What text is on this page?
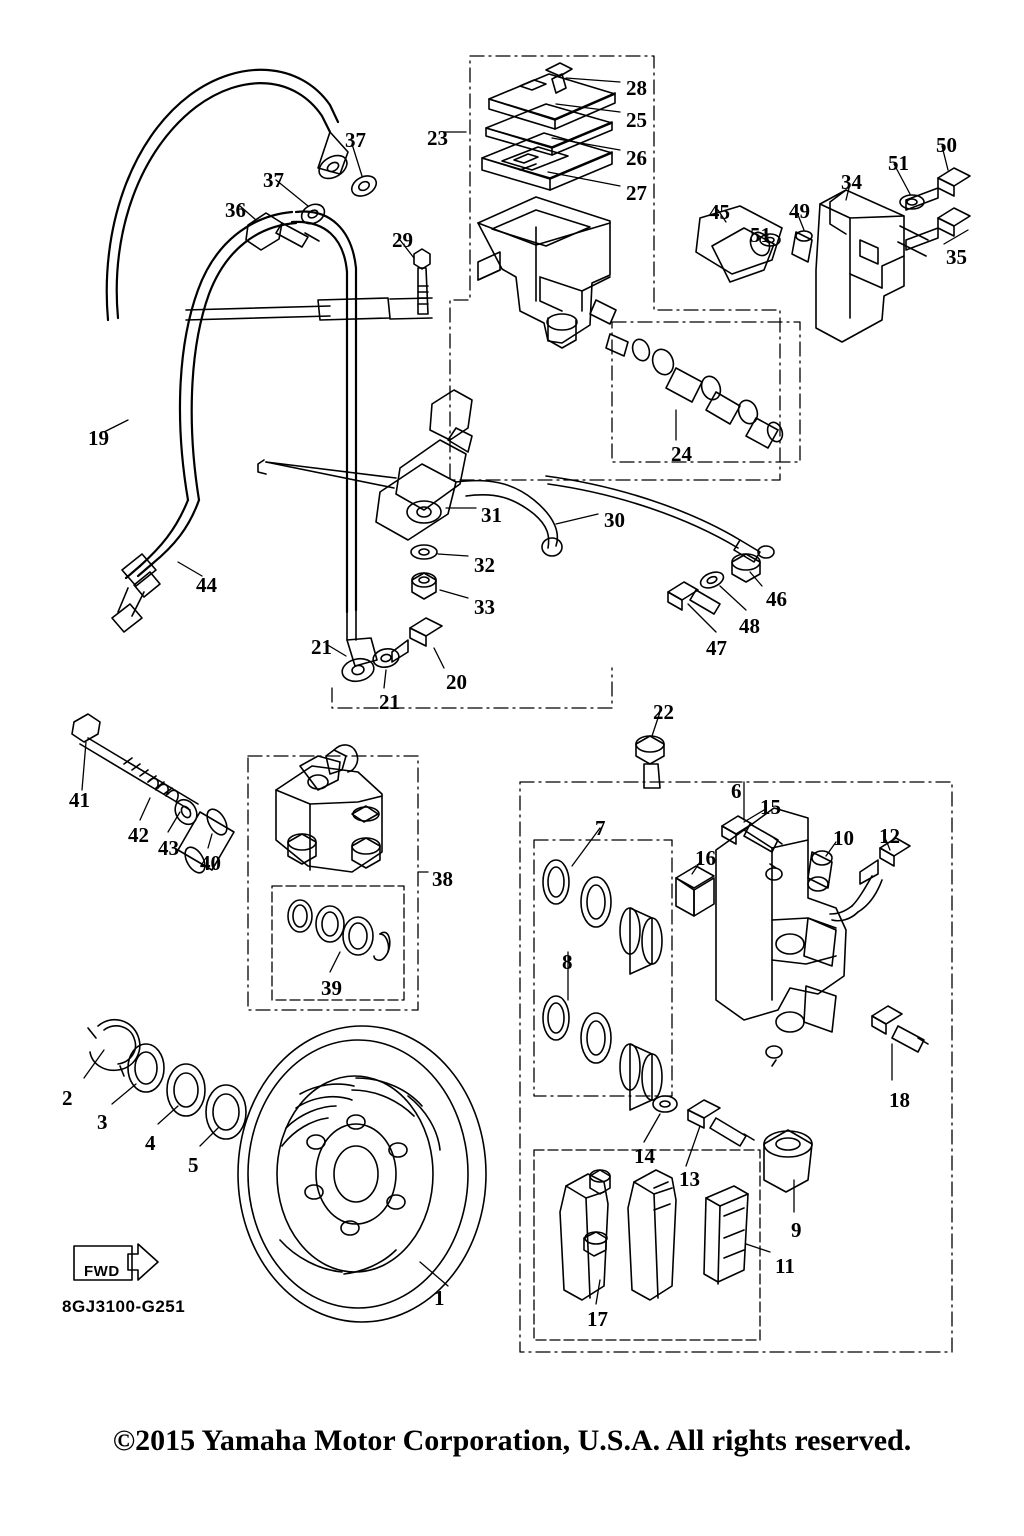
1
2
3
4
5
6
7
8
9
10
11
12
13
14
15
16
17
18
19
20
21
21	22
23
24
25
26
27
28
29
30
31
32
33
34
35
36
37
37
38
39
40
41
42
43
44
45
46
47
48
49
50
51
51
FWD
8GJ3100-G251
©2015 Yamaha Motor Corporation, U.S.A. All rights reserved.
